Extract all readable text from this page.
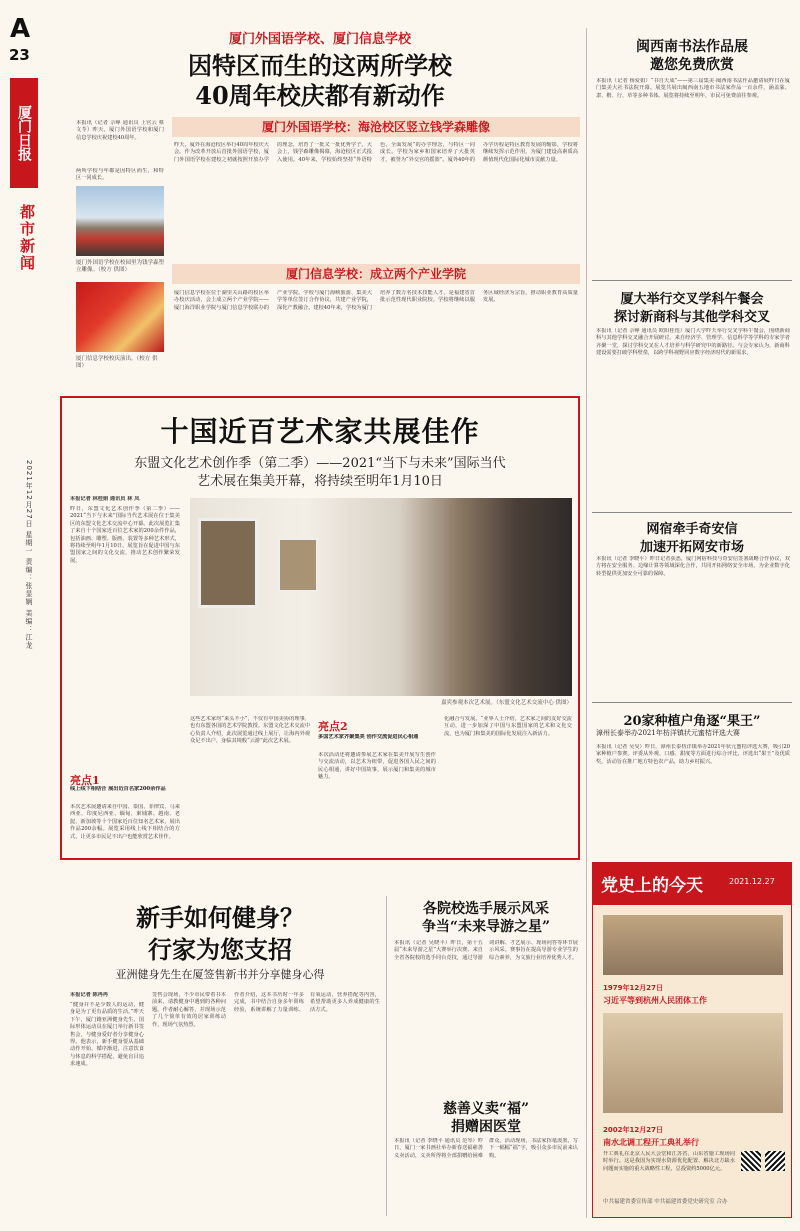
A
23
厦门日报
都市新闻
2021年12月27日 星期一 责编：张显娴 美编：江龙
厦门外国语学校、厦门信息学校
因特区而生的这两所学校
40周年校庆都有新动作
本报讯（记者 佘峥 通讯员 上官云 蔡文苓）昨天，厦门外国语学校和厦门信息学校庆祝建校40周年。
两所学校与年都是因特区而生，和特区一同成长。
厦门外国语学校在校园里为钱学森塑立雕像。（校方 供图）
厦门信息学校校庆演出。（校方 供图）
厦门外国语学校：海沧校区竖立钱学森雕像
昨天，厦外在海沧校区举行40周年校庆大会。作为改革开放后首批外国语学校，厦门外国语学校在建校之初就按照开放办学的理念，培育了一批又一批优秀学子。大会上，钱学森雕像揭幕，海沧校区正式投入使用。40年来，学校始终坚持“外语特色、全面发展”的办学理念，与特区一同成长。学校为家乡和国家培养了大批英才，被誉为“外交官的摇篮”。厦外40年的办学历程是特区教育发展的缩影，学校将继续发挥示范作用，为厦门建设高素质高颜值现代化国际化城市贡献力量。
厦门信息学校：成立两个产业学院
厦门信息学校在位于湖里关山路的校区举办校庆活动，会上成立两个产业学院——厦门海洋职业学院与厦门信息学校联办的产业学院。学校与厦门海峡旅游、集美大学等单位签订合作协议，共建产业学院，深化产教融合。建校40年来，学校为厦门培养了数万名技术技能人才，是福建省首批示范性现代职业院校。学校将继续以服务区域经济为宗旨，推动职业教育高质量发展。
十国近百艺术家共展佳作
东盟文化艺术创作季（第二季）——2021“当下与未来”国际当代
艺术展在集美开幕，将持续至明年1月10日
本报记者 林桂娟 通讯员 林 凤
昨日，东盟文化艺术创作季（第二季）——2021“当下与未来”国际当代艺术展在位于集美区的东盟文化艺术交流中心开幕。此次展览汇集了来自十个国家近百位艺术家的200余件作品，包括油画、雕塑、版画、装置等多种艺术形式，将持续至明年1月10日。展览旨在促进中国与东盟国家之间的文化交流，推动艺术创作繁荣发展。
嘉宾参观本次艺术展。（东盟文化艺术交流中心 供图）
亮点1
线上线下相结合 展出近百名家200余作品
本次艺术展邀请来自中国、泰国、菲律宾、马来西亚、印度尼西亚、缅甸、柬埔寨、越南、老挝、新加坡等十个国家近百位知名艺术家，展出作品200余幅。展览采用线上线下相结合的方式，让更多市民足不出户也能欣赏艺术佳作。
这些艺术家均“来头不小”，不仅有中国美协的理事，也有东盟各国的艺术学院教授。东盟文化艺术交流中心负责人介绍，此次展览通过线上展厅，让海内外观众足不出户，身临其境般“云游”此次艺术展。
亮点2
多国艺术家齐聚集美 创作交流促进民心相通
本次活动还将邀请参展艺术家在集美开展写生创作与交流活动，以艺术为纽带，促进各国人民之间的民心相通，讲好中国故事，展示厦门和集美的城市魅力。
化融合与发展。“业界人士介绍，艺术家之间的友好交流互动，进一步加深了中国与东盟国家的艺术和文化交流，也为厦门和集美的国际化发展注入新活力。
新手如何健身？
行家为您支招
亚洲健身先生在厦签售新书并分享健身心得
本报记者 陈冉冉
“健身并不是少数人的运动，健身是为了更有品质的生活。”昨天下午，厦门籍亚洲健身先生、国际形体运动员在厦门举行新书签售会，与健身爱好者分享健身心得。他表示，新手健身要从基础动作开始，循序渐进，注意饮食与休息的科学搭配，避免盲目追求速成。
签售会现场，不少市民带着书本前来，请教健身中遇到的各种问题。作者耐心解答，并现场示范了几个简单有效的居家训练动作，现场气氛热烈。
作者介绍，这本书历时一年多完成，书中结合自身多年训练经验，系统讲解了力量训练、有氧运动、营养搭配等内容，希望帮助更多人养成健康的生活方式。
各院校选手展示风采
争当“未来导游之星”
本报讯（记者 吴晓平）昨日，第十五届“未来导游之星”大赛举行决赛。来自全省各院校的选手同台竞技，通过导游词讲解、才艺展示、现场问答等环节展示风采。赛事旨在提高导游专业学生的综合素养，为文旅行业培养优秀人才。
慈善义卖“福”
捐赠困医堂
本报讯（记者 李晓平 通讯员 范琴）昨日，厦门一家书画社举办新春送福慈善义卖活动，义卖所得将全部捐赠给困难群众。活动现场，书法家挥毫泼墨，写下一幅幅“福”字，吸引众多市民前来认购。
闽西南书法作品展
邀您免费欣赏
本报讯（记者 杨爱娟）“书自天成”——第三届集美·闽西南书法作品邀请展昨日在厦门集美大社书法院开幕。展览共展出闽西南五地市书法家作品一百余件，涵盖篆、隶、楷、行、草等多种书体。展览将持续至明年，市民可免费前往参观。
厦大举行交叉学科午餐会
探讨新商科与其他学科交叉
本报讯（记者 佘峥 通讯员 欧阳桂莲）厦门大学昨天举行交叉学科午餐会，围绕新商科与其他学科交叉融合开展研讨。来自经济学、管理学、信息科学等学科的专家学者齐聚一堂，探讨学科交叉在人才培养与科学研究中的新路径。与会专家认为，新商科建设需要打破学科壁垒，以跨学科视野回应数字经济时代的新需求。
网宿牵手奇安信
加速开拓网安市场
本报讯（记者 李晓平）昨日记者获悉，厦门网宿科技与奇安信签署战略合作协议，双方将在安全服务、边缘计算等领域深化合作，共同开拓网络安全市场，为企业数字化转型提供更加安全可靠的保障。
20家种植户角逐“果王”
漳州长泰举办2021年枋洋镇状元蜜桔评选大赛
本报讯（记者 吴旻）昨日，漳州长泰枋洋镇举办2021年状元蜜桔评选大赛，吸引20家种植户参赛。评委从外观、口感、甜度等方面进行综合评比，评选出“果王”及优质奖。活动旨在推广地方特色农产品，助力乡村振兴。
党史上的今天	2021.12.27
1979年12月27日
习近平等到杭州人民团体工作
2002年12月27日
南水北调工程开工典礼举行
开工典礼在北京人民大会堂和江苏省、山东省施工现场同时举行。这是我国为实现水资源优化配置、解决北方缺水问题而实施的重大战略性工程，总投资约5000亿元。
中共福建省委宣传部 中共福建省委党史研究室 合办
